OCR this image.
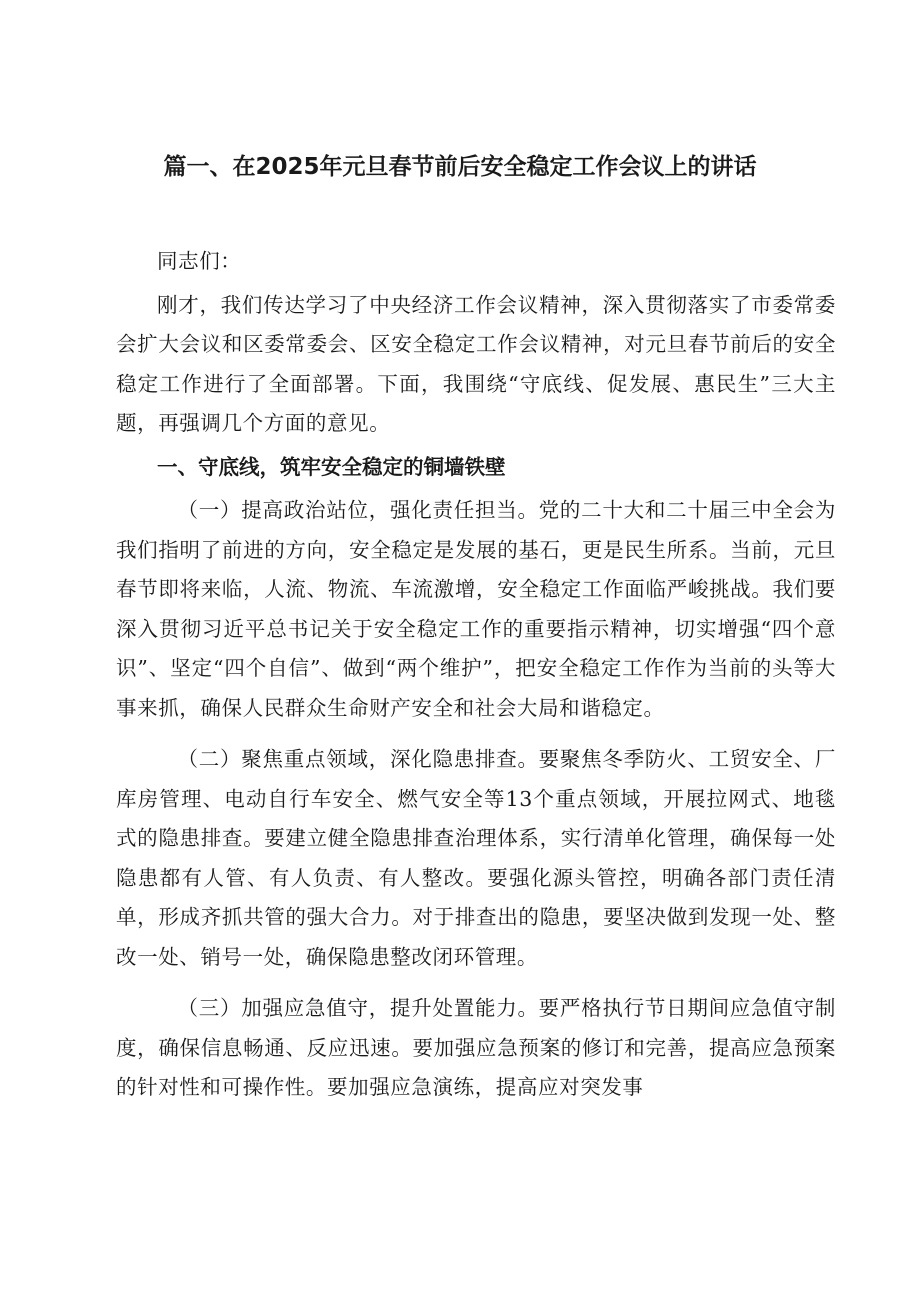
篇一、在2025年元旦春节前后安全稳定工作会议上的讲话

同志们：

刚才，我们传达学习了中央经济工作会议精神，深入贯彻落实了市委常委会扩大会议和区委常委会、区安全稳定工作会议精神，对元旦春节前后的安全稳定工作进行了全面部署。下面，我围绕“守底线、促发展、惠民生”三大主题，再强调几个方面的意见。

一、守底线，筑牢安全稳定的铜墙铁壁

（一）提高政治站位，强化责任担当。党的二十大和二十届三中全会为我们指明了前进的方向，安全稳定是发展的基石，更是民生所系。当前，元旦春节即将来临，人流、物流、车流激增，安全稳定工作面临严峻挑战。我们要深入贯彻习近平总书记关于安全稳定工作的重要指示精神，切实增强“四个意识”、坚定“四个自信”、做到“两个维护”，把安全稳定工作作为当前的头等大事来抓，确保人民群众生命财产安全和社会大局和谐稳定。

（二）聚焦重点领域，深化隐患排查。要聚焦冬季防火、工贸安全、厂库房管理、电动自行车安全、燃气安全等13个重点领域，开展拉网式、地毯式的隐患排查。要建立健全隐患排查治理体系，实行清单化管理，确保每一处隐患都有人管、有人负责、有人整改。要强化源头管控，明确各部门责任清单，形成齐抓共管的强大合力。对于排查出的隐患，要坚决做到发现一处、整改一处、销号一处，确保隐患整改闭环管理。

（三）加强应急值守，提升处置能力。要严格执行节日期间应急值守制度，确保信息畅通、反应迅速。要加强应急预案的修订和完善，提高应急预案的针对性和可操作性。要加强应急演练，提高应对突发事
